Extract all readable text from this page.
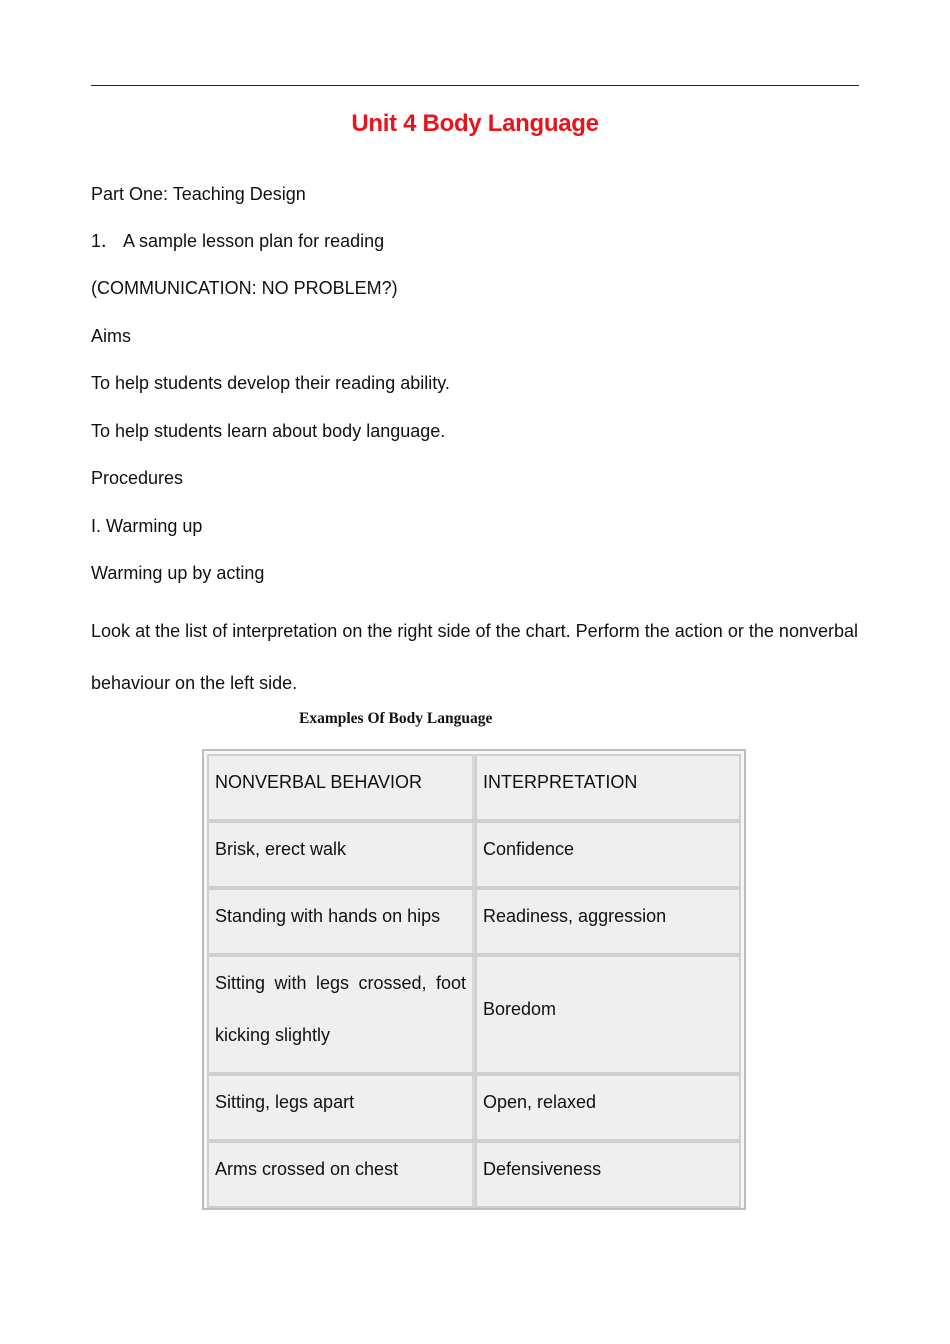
Unit 4 Body Language
Part One: Teaching Design
1． A sample lesson plan for reading
(COMMUNICATION: NO PROBLEM?)
Aims
To help students develop their reading ability.
To help students learn about body language.
Procedures
I. Warming up
Warming up by acting

Look at the list of interpretation on the right side of the chart. Perform the action or the nonverbal behaviour on the left side.

Examples Of Body Language
NONVERBAL BEHAVIOR	INTERPRETATION

Brisk, erect walk	Confidence

Standing with hands on hips	Readiness, aggression

Sitting with legs crossed, foot kicking slightly	Boredom

Sitting, legs apart	Open, relaxed

Arms crossed on chest	Defensiveness
